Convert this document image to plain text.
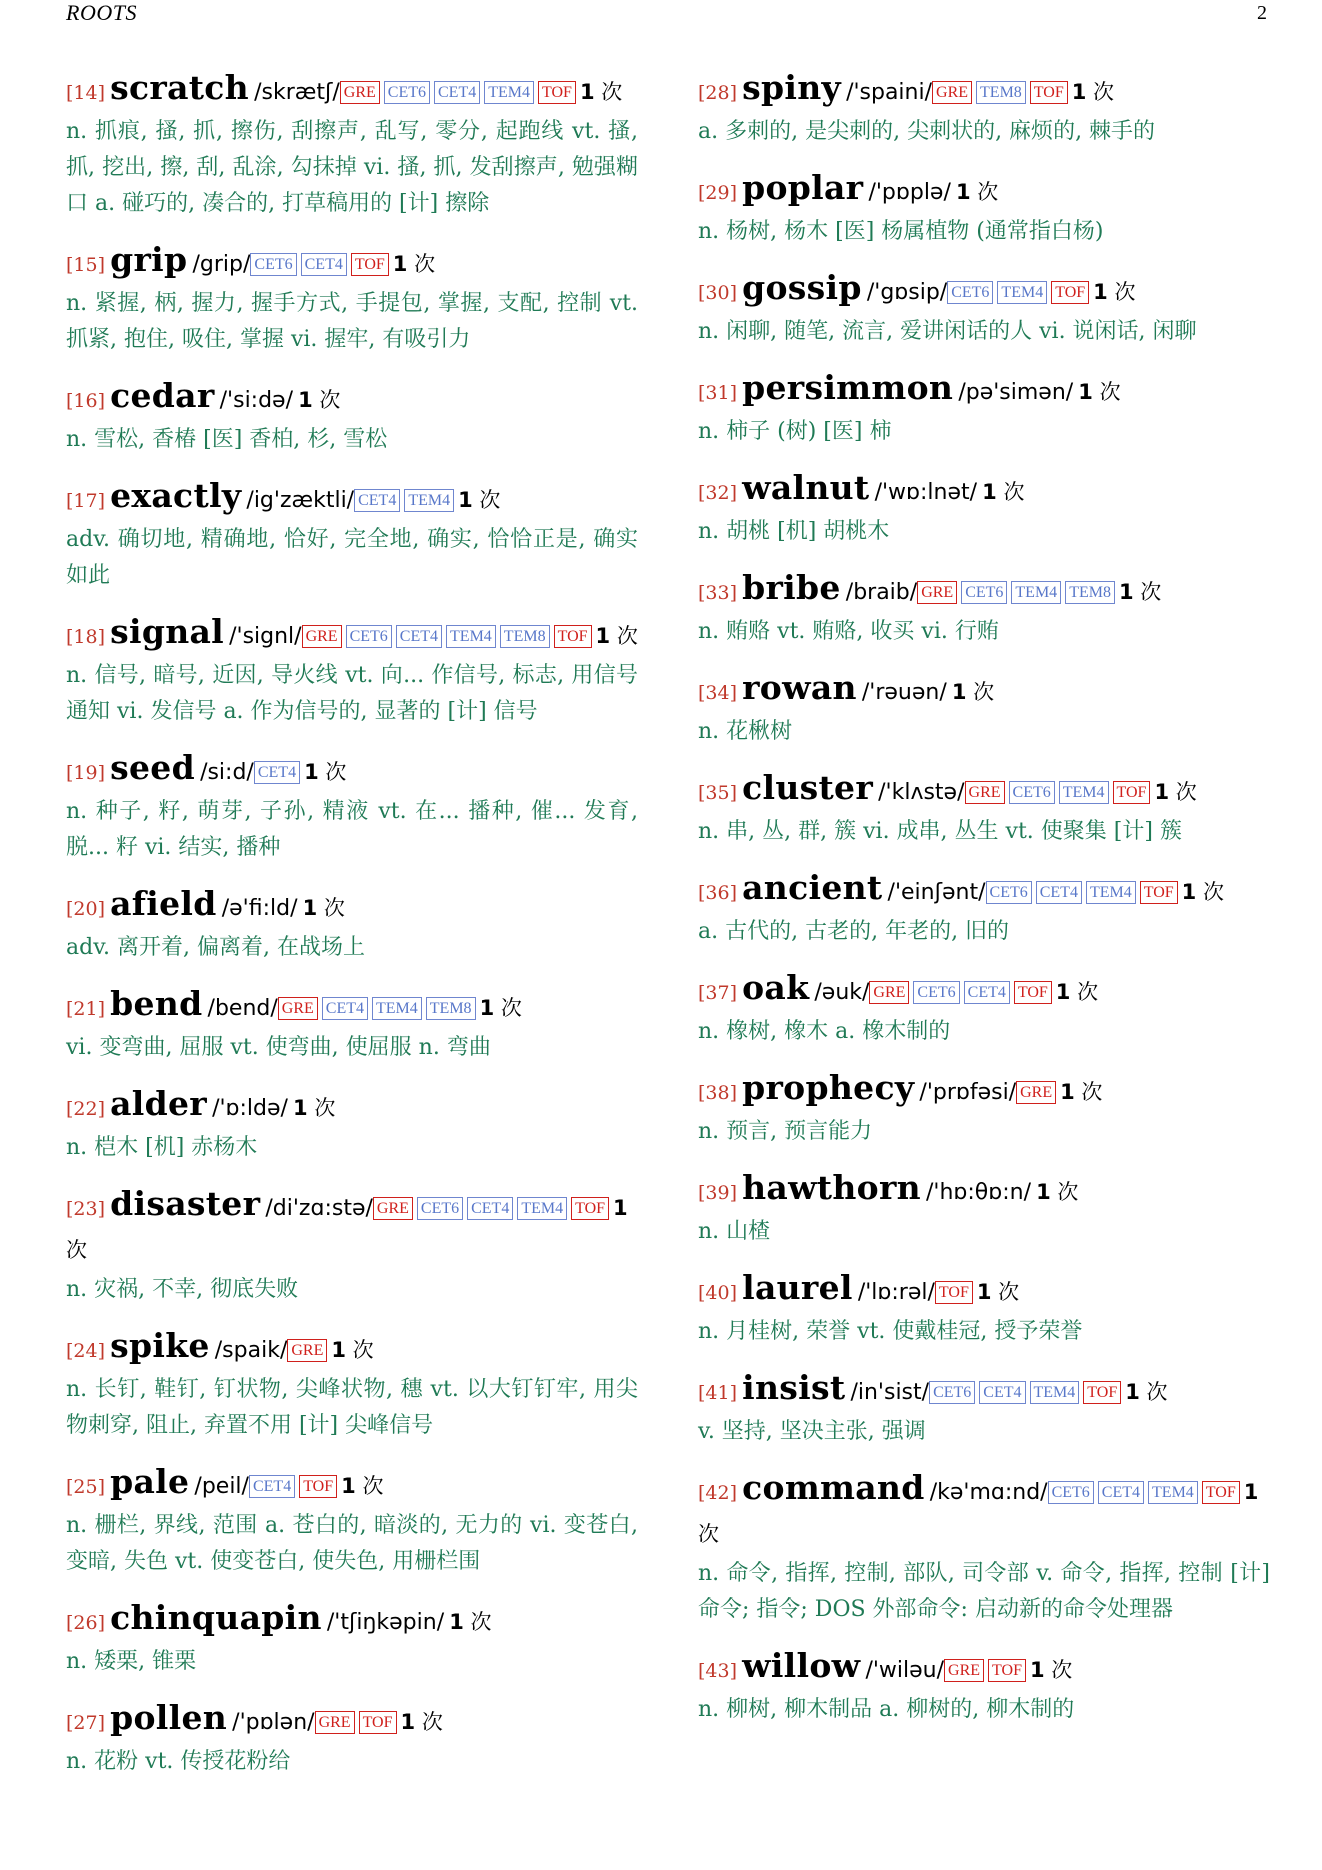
ROOTS	2
[14] scratch /skrætʃ/ GRE CET6 CET4 TEM4 TOF 1 次
n. 抓痕, 搔, 抓, 擦伤, 刮擦声, 乱写, 零分, 起跑线 vt. 搔, 抓, 挖出, 擦, 刮, 乱涂, 勾抹掉 vi. 搔, 抓, 发刮擦声, 勉强糊口 a. 碰巧的, 凑合的, 打草稿用的 [计] 擦除
[15] grip /grip/ CET6 CET4 TOF 1 次
n. 紧握, 柄, 握力, 握手方式, 手提包, 掌握, 支配, 控制 vt. 抓紧, 抱住, 吸住, 掌握 vi. 握牢, 有吸引力
[16] cedar /'si:də/ 1 次
n. 雪松, 香椿 [医] 香柏, 杉, 雪松
[17] exactly /ig'zæktli/ CET4 TEM4 1 次
adv. 确切地, 精确地, 恰好, 完全地, 确实, 恰恰正是, 确实如此
[18] signal /'signl/ GRE CET6 CET4 TEM4 TEM8 TOF 1 次
n. 信号, 暗号, 近因, 导火线 vt. 向... 作信号, 标志, 用信号通知 vi. 发信号 a. 作为信号的, 显著的 [计] 信号
[19] seed /si:d/ CET4 1 次
n. 种子, 籽, 萌芽, 子孙, 精液 vt. 在... 播种, 催... 发育, 脱... 籽 vi. 结实, 播种
[20] afield /ə'fi:ld/ 1 次
adv. 离开着, 偏离着, 在战场上
[21] bend /bend/ GRE CET4 TEM4 TEM8 1 次
vi. 变弯曲, 屈服 vt. 使弯曲, 使屈服 n. 弯曲
[22] alder /'ɒ:ldə/ 1 次
n. 桤木 [机] 赤杨木
[23] disaster /di'zɑ:stə/ GRE CET6 CET4 TEM4 TOF 1 次
n. 灾祸, 不幸, 彻底失败
[24] spike /spaik/ GRE 1 次
n. 长钉, 鞋钉, 钉状物, 尖峰状物, 穗 vt. 以大钉钉牢, 用尖物刺穿, 阻止, 弃置不用 [计] 尖峰信号
[25] pale /peil/ CET4 TOF 1 次
n. 栅栏, 界线, 范围 a. 苍白的, 暗淡的, 无力的 vi. 变苍白, 变暗, 失色 vt. 使变苍白, 使失色, 用栅栏围
[26] chinquapin /'tʃiŋkəpin/ 1 次
n. 矮栗, 锥栗
[27] pollen /'pɒlən/ GRE TOF 1 次
n. 花粉 vt. 传授花粉给
[28] spiny /'spaini/ GRE TEM8 TOF 1 次
a. 多刺的, 是尖刺的, 尖刺状的, 麻烦的, 棘手的
[29] poplar /'pɒplə/ 1 次
n. 杨树, 杨木 [医] 杨属植物 (通常指白杨)
[30] gossip /'gɒsip/ CET6 TEM4 TOF 1 次
n. 闲聊, 随笔, 流言, 爱讲闲话的人 vi. 说闲话, 闲聊
[31] persimmon /pə'simən/ 1 次
n. 柿子 (树) [医] 柿
[32] walnut /'wɒ:lnət/ 1 次
n. 胡桃 [机] 胡桃木
[33] bribe /braib/ GRE CET6 TEM4 TEM8 1 次
n. 贿赂 vt. 贿赂, 收买 vi. 行贿
[34] rowan /'rəuən/ 1 次
n. 花楸树
[35] cluster /'klʌstə/ GRE CET6 TEM4 TOF 1 次
n. 串, 丛, 群, 簇 vi. 成串, 丛生 vt. 使聚集 [计] 簇
[36] ancient /'einʃənt/ CET6 CET4 TEM4 TOF 1 次
a. 古代的, 古老的, 年老的, 旧的
[37] oak /əuk/ GRE CET6 CET4 TOF 1 次
n. 橡树, 橡木 a. 橡木制的
[38] prophecy /'prɒfəsi/ GRE 1 次
n. 预言, 预言能力
[39] hawthorn /'hɒ:θɒ:n/ 1 次
n. 山楂
[40] laurel /'lɒ:rəl/ TOF 1 次
n. 月桂树, 荣誉 vt. 使戴桂冠, 授予荣誉
[41] insist /in'sist/ CET6 CET4 TEM4 TOF 1 次
v. 坚持, 坚决主张, 强调
[42] command /kə'mɑ:nd/ CET6 CET4 TEM4 TOF 1 次
n. 命令, 指挥, 控制, 部队, 司令部 v. 命令, 指挥, 控制 [计] 命令; 指令; DOS 外部命令: 启动新的命令处理器
[43] willow /'wiləu/ GRE TOF 1 次
n. 柳树, 柳木制品 a. 柳树的, 柳木制的
